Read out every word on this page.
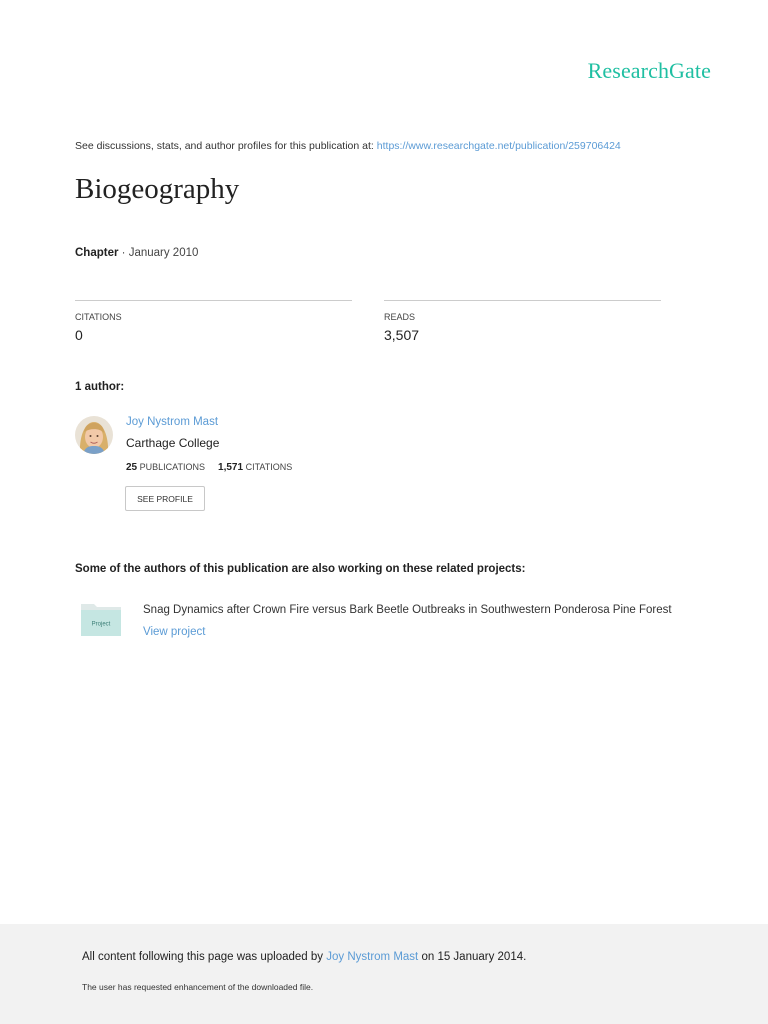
ResearchGate
See discussions, stats, and author profiles for this publication at: https://www.researchgate.net/publication/259706424
Biogeography
Chapter · January 2010
CITATIONS
0
READS
3,507
1 author:
Joy Nystrom Mast
Carthage College
25 PUBLICATIONS 1,571 CITATIONS
SEE PROFILE
Some of the authors of this publication are also working on these related projects:
Project
Snag Dynamics after Crown Fire versus Bark Beetle Outbreaks in Southwestern Ponderosa Pine Forest
View project
All content following this page was uploaded by Joy Nystrom Mast on 15 January 2014.
The user has requested enhancement of the downloaded file.
